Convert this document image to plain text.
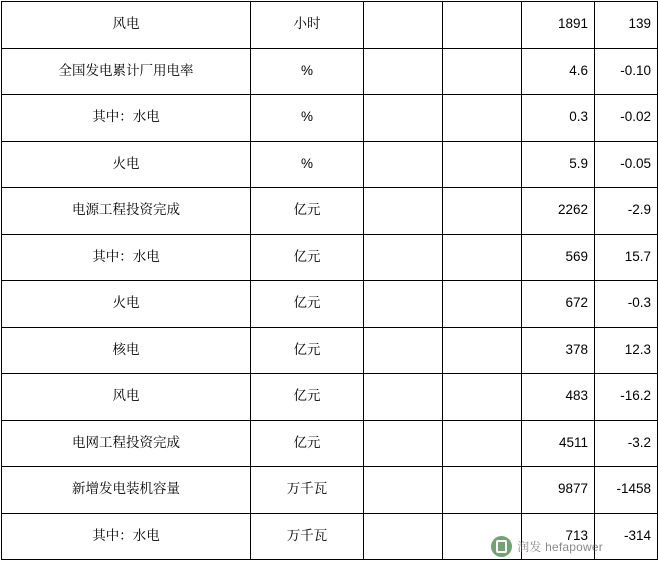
风电	小时			1891	139
全国发电累计厂用电率	%			4.6	-0.10
其中：水电	%			0.3	-0.02
火电	%			5.9	-0.05
电源工程投资完成	亿元			2262	-2.9
其中：水电	亿元			569	15.7
火电	亿元			672	-0.3
核电	亿元			378	12.3
风电	亿元			483	-16.2
电网工程投资完成	亿元			4511	-3.2
新增发电装机容量	万千瓦			9877	-1458
其中：水电	万千瓦			713	-314
润发 hefapower
